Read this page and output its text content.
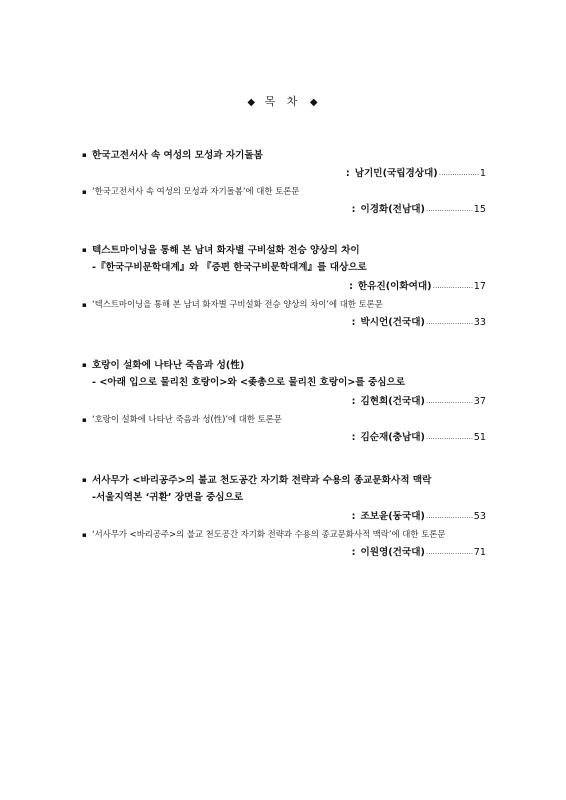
◆ 목 차 ◆
▪ 한국고전서사 속 여성의 모성과 자기돌봄
: 남기민(국립경상대)………………1
▪ ‘한국고전서사 속 여성의 모성과 자기돌봄’에 대한 토론문
: 이경화(전남대)…………………15
▪ 텍스트마이닝을 통해 본 남녀 화자별 구비설화 전승 양상의 차이
-『한국구비문학대계』와 『증편 한국구비문학대계』를 대상으로
: 한유진(이화여대)………………17
▪ ‘텍스트마이닝을 통해 본 남녀 화자별 구비설화 전승 양상의 차이’에 대한 토론문
: 박시언(건국대)…………………33
▪ 호랑이 설화에 나타난 죽음과 성(性)
- <아래 입으로 물리친 호랑이>와 <좆총으로 물리친 호랑이>를 중심으로
: 김현희(건국대)…………………37
▪ ‘호랑이 설화에 나타난 죽음과 성(性)’에 대한 토론문
: 김순재(충남대)…………………51
▪ 서사무가 <바리공주>의 불교 천도공간 자기화 전략과 수용의 종교문화사적 맥락
-서울지역본 ‘귀환’ 장면을 중심으로
: 조보윤(동국대)…………………53
▪ ‘서사무가 <바리공주>의 불교 천도공간 자기화 전략과 수용의 종교문화사적 맥락’에 대한 토론문
: 이원영(건국대)…………………71
